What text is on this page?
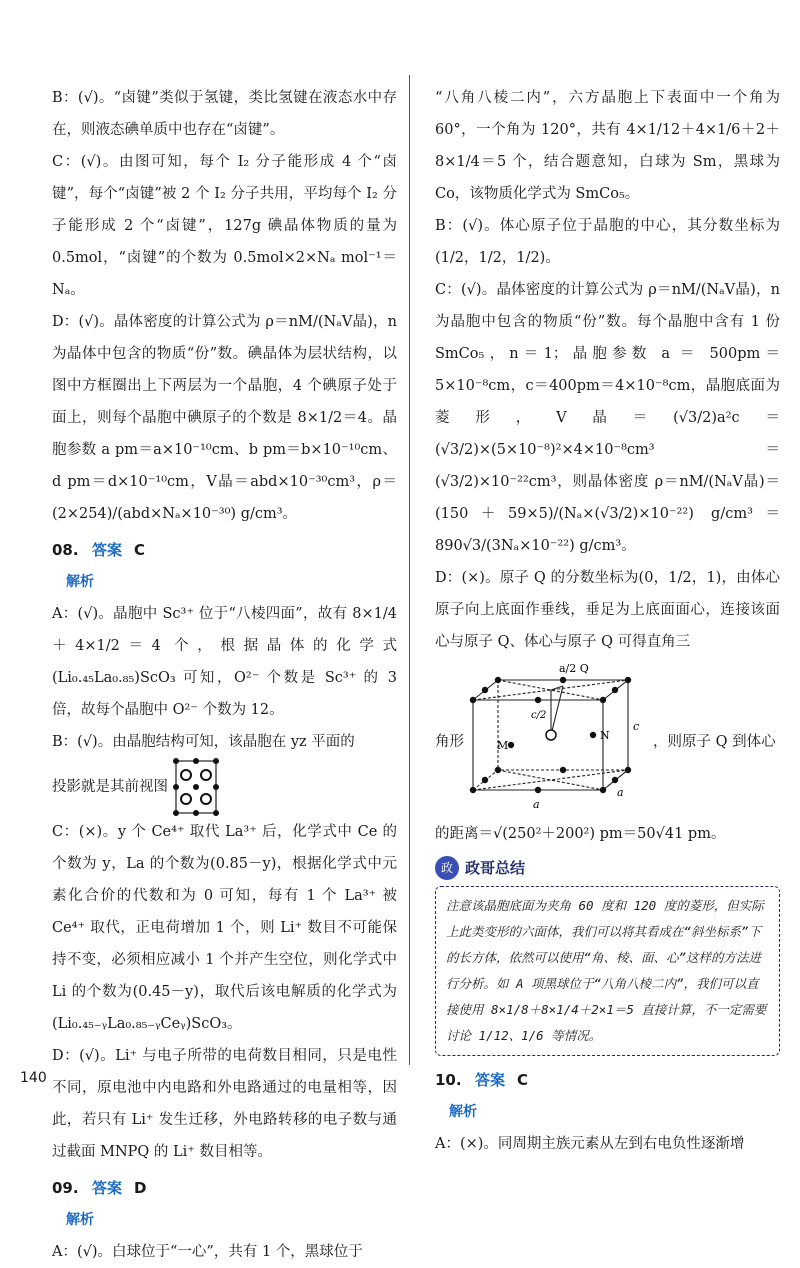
B：(√)。“卤键”类似于氢键，类比氢键在液态水中存在，则液态碘单质中也存在“卤键”。

C：(√)。由图可知，每个 I₂ 分子能形成 4 个“卤键”，每个“卤键”被 2 个 I₂ 分子共用，平均每个 I₂ 分子能形成 2 个“卤键”，127g 碘晶体物质的量为 0.5mol，“卤键”的个数为 0.5mol×2×Nₐ mol⁻¹＝Nₐ。

D：(√)。晶体密度的计算公式为 ρ＝nM/(NₐV晶)，n 为晶体中包含的物质“份”数。碘晶体为层状结构，以图中方框圈出上下两层为一个晶胞，4 个碘原子处于面上，则每个晶胞中碘原子的个数是 8×1/2＝4。晶胞参数 a pm＝a×10⁻¹⁰cm、b pm＝b×10⁻¹⁰cm、d pm＝d×10⁻¹⁰cm，V晶＝abd×10⁻³⁰cm³，ρ＝(2×254)/(abd×Nₐ×10⁻³⁰) g/cm³。

08. 答案 C

解析

A：(√)。晶胞中 Sc³⁺ 位于“八棱四面”，故有 8×1/4＋4×1/2＝4 个，根据晶体的化学式(Li₀.₄₅La₀.₈₅)ScO₃ 可知，O²⁻ 个数是 Sc³⁺ 的 3 倍，故每个晶胞中 O²⁻ 个数为 12。

B：(√)。由晶胞结构可知，该晶胞在 yz 平面的

投影就是其前视图

C：(×)。y 个 Ce⁴⁺ 取代 La³⁺ 后，化学式中 Ce 的个数为 y，La 的个数为(0.85－y)，根据化学式中元素化合价的代数和为 0 可知，每有 1 个 La³⁺ 被 Ce⁴⁺ 取代，正电荷增加 1 个，则 Li⁺ 数目不可能保持不变，必须相应减小 1 个并产生空位，则化学式中 Li 的个数为(0.45－y)，取代后该电解质的化学式为(Li₀.₄₅₋ᵧLa₀.₈₅₋ᵧCeᵧ)ScO₃。

D：(√)。Li⁺ 与电子所带的电荷数目相同，只是电性不同，原电池中内电路和外电路通过的电量相等，因此，若只有 Li⁺ 发生迁移，外电路转移的电子数与通过截面 MNPQ 的 Li⁺ 数目相等。

09. 答案 D

解析

A：(√)。白球位于“一心”，共有 1 个，黑球位于

“八角八棱二内”，六方晶胞上下表面中一个角为 60°，一个角为 120°，共有 4×1/12＋4×1/6＋2＋8×1/4＝5 个，结合题意知，白球为 Sm，黑球为 Co，该物质化学式为 SmCo₅。

B：(√)。体心原子位于晶胞的中心，其分数坐标为(1/2，1/2，1/2)。

C：(√)。晶体密度的计算公式为 ρ＝nM/(NₐV晶)，n 为晶胞中包含的物质“份”数。每个晶胞中含有 1 份 SmCo₅，n＝1；晶胞参数 a ＝ 500pm＝5×10⁻⁸cm，c＝400pm＝4×10⁻⁸cm，晶胞底面为菱形，V晶＝(√3/2)a²c＝(√3/2)×(5×10⁻⁸)²×4×10⁻⁸cm³＝(√3/2)×10⁻²²cm³，则晶体密度 ρ＝nM/(NₐV晶)＝(150＋59×5)/(Nₐ×(√3/2)×10⁻²²) g/cm³＝890√3/(3Nₐ×10⁻²²) g/cm³。

D：(×)。原子 Q 的分数坐标为(0，1/2，1)，由体心原子向上底面作垂线，垂足为上底面面心，连接该面心与原子 Q、体心与原子 Q 可得直角三

角形
a/2 Q
c/2
c
M
N
a
a
，则原子 Q 到体心

的距离＝√(250²＋200²) pm＝50√41 pm。

政 政哥总结
注意该晶胞底面为夹角 60 度和 120 度的菱形，但实际上此类变形的六面体，我们可以将其看成在“斜坐标系”下的长方体，依然可以使用“角、棱、面、心”这样的方法进行分析。如 A 项黑球位于“八角八棱二内”，我们可以直接使用 8×1/8＋8×1/4＋2×1＝5 直接计算，不一定需要讨论 1/12、1/6 等情况。

10. 答案 C

解析

A：(×)。同周期主族元素从左到右电负性逐渐增

140
